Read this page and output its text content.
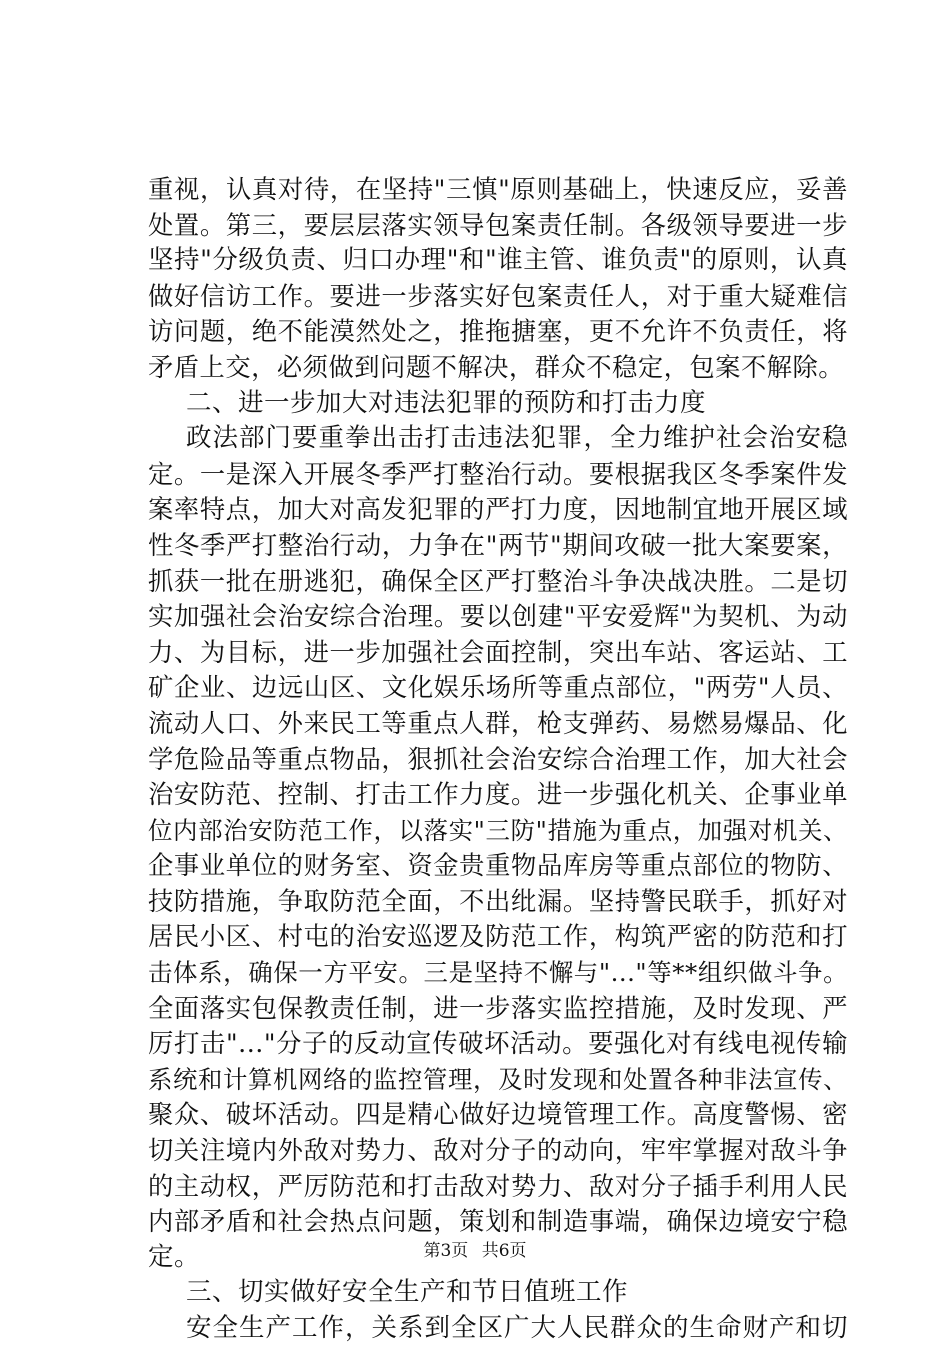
重视，认真对待，在坚持"三慎"原则基础上，快速反应，妥善
处置。第三，要层层落实领导包案责任制。各级领导要进一步
坚持"分级负责、归口办理"和"谁主管、谁负责"的原则，认真
做好信访工作。要进一步落实好包案责任人，对于重大疑难信
访问题，绝不能漠然处之，推拖搪塞，更不允许不负责任，将
矛盾上交，必须做到问题不解决，群众不稳定，包案不解除。
二、进一步加大对违法犯罪的预防和打击力度
政法部门要重拳出击打击违法犯罪，全力维护社会治安稳
定。一是深入开展冬季严打整治行动。要根据我区冬季案件发
案率特点，加大对高发犯罪的严打力度，因地制宜地开展区域
性冬季严打整治行动，力争在"两节"期间攻破一批大案要案，
抓获一批在册逃犯，确保全区严打整治斗争决战决胜。二是切
实加强社会治安综合治理。要以创建"平安爱辉"为契机、为动
力、为目标，进一步加强社会面控制，突出车站、客运站、工
矿企业、边远山区、文化娱乐场所等重点部位，"两劳"人员、
流动人口、外来民工等重点人群，枪支弹药、易燃易爆品、化
学危险品等重点物品，狠抓社会治安综合治理工作，加大社会
治安防范、控制、打击工作力度。进一步强化机关、企事业单
位内部治安防范工作，以落实"三防"措施为重点，加强对机关、
企事业单位的财务室、资金贵重物品库房等重点部位的物防、
技防措施，争取防范全面，不出纰漏。坚持警民联手，抓好对
居民小区、村屯的治安巡逻及防范工作，构筑严密的防范和打
击体系，确保一方平安。三是坚持不懈与"..."等**组织做斗争。
全面落实包保教责任制，进一步落实监控措施，及时发现、严
厉打击"..."分子的反动宣传破坏活动。要强化对有线电视传输
系统和计算机网络的监控管理，及时发现和处置各种非法宣传、
聚众、破坏活动。四是精心做好边境管理工作。高度警惕、密
切关注境内外敌对势力、敌对分子的动向，牢牢掌握对敌斗争
的主动权，严厉防范和打击敌对势力、敌对分子插手利用人民
内部矛盾和社会热点问题，策划和制造事端，确保边境安宁稳
定。
三、切实做好安全生产和节日值班工作
安全生产工作，关系到全区广大人民群众的生命财产和切
第3页 共6页
